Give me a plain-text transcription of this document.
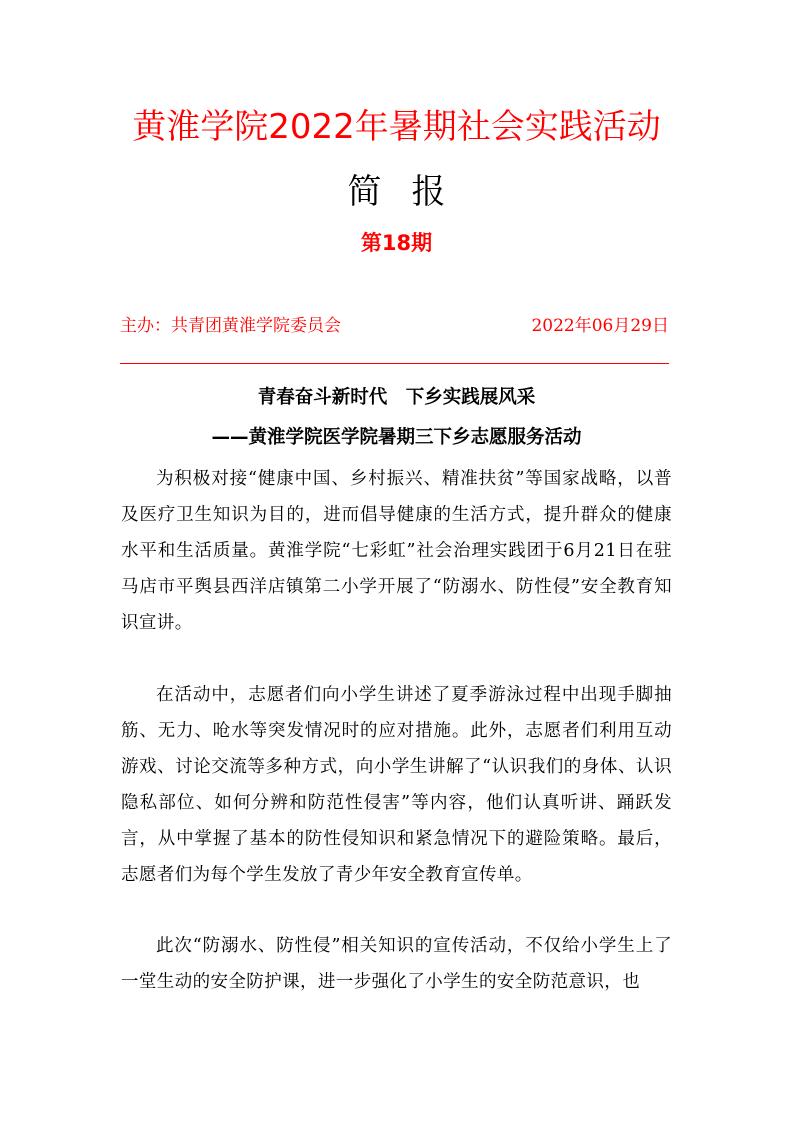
黄淮学院2022年暑期社会实践活动
简报
第18期
主办：共青团黄淮学院委员会	2022年06月29日
青春奋斗新时代　下乡实践展风采
——黄淮学院医学院暑期三下乡志愿服务活动

为积极对接“健康中国、乡村振兴、精准扶贫”等国家战略，以普及医疗卫生知识为目的，进而倡导健康的生活方式，提升群众的健康水平和生活质量。黄淮学院“七彩虹”社会治理实践团于6月21日在驻马店市平舆县西洋店镇第二小学开展了“防溺水、防性侵”安全教育知识宣讲。

在活动中，志愿者们向小学生讲述了夏季游泳过程中出现手脚抽筋、无力、呛水等突发情况时的应对措施。此外，志愿者们利用互动游戏、讨论交流等多种方式，向小学生讲解了“认识我们的身体、认识隐私部位、如何分辨和防范性侵害”等内容，他们认真听讲、踊跃发言，从中掌握了基本的防性侵知识和紧急情况下的避险策略。最后，志愿者们为每个学生发放了青少年安全教育宣传单。

此次“防溺水、防性侵”相关知识的宣传活动，不仅给小学生上了一堂生动的安全防护课，进一步强化了小学生的安全防范意识，也
